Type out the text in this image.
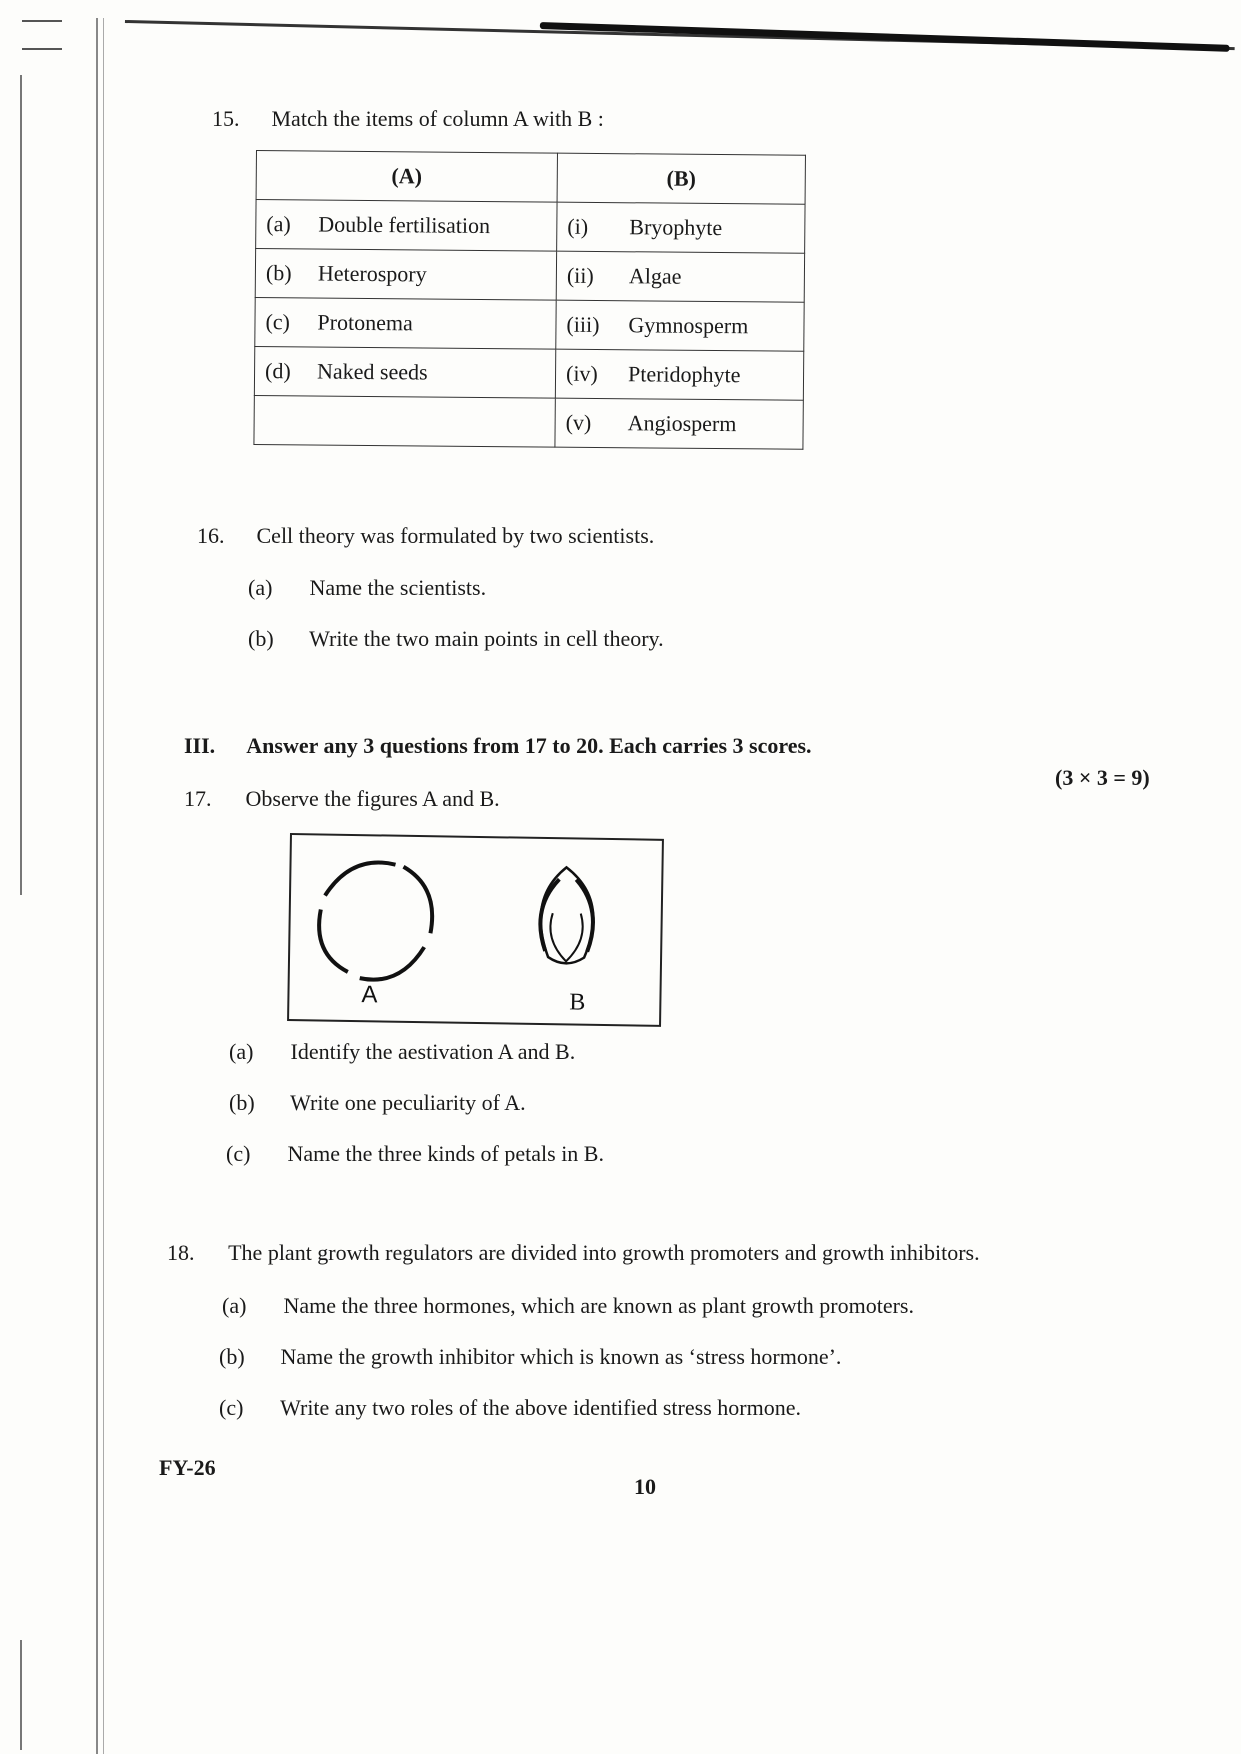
15. Match the items of column A with B :
(A)	(B)
(a) Double fertilisation	(i) Bryophyte
(b) Heterospory	(ii) Algae
(c) Protonema	(iii) Gymnosperm
(d) Naked seeds	(iv) Pteridophyte
	(v) Angiosperm
16. Cell theory was formulated by two scientists.
(a) Name the scientists.
(b) Write the two main points in cell theory.
III. Answer any 3 questions from 17 to 20. Each carries 3 scores.
(3 × 3 = 9)
17. Observe the figures A and B.
A	B
(a) Identify the aestivation A and B.
(b) Write one peculiarity of A.
(c) Name the three kinds of petals in B.
18. The plant growth regulators are divided into growth promoters and growth inhibitors.
(a) Name the three hormones, which are known as plant growth promoters.
(b) Name the growth inhibitor which is known as ‘stress hormone’.
(c) Write any two roles of the above identified stress hormone.
FY-26
10
